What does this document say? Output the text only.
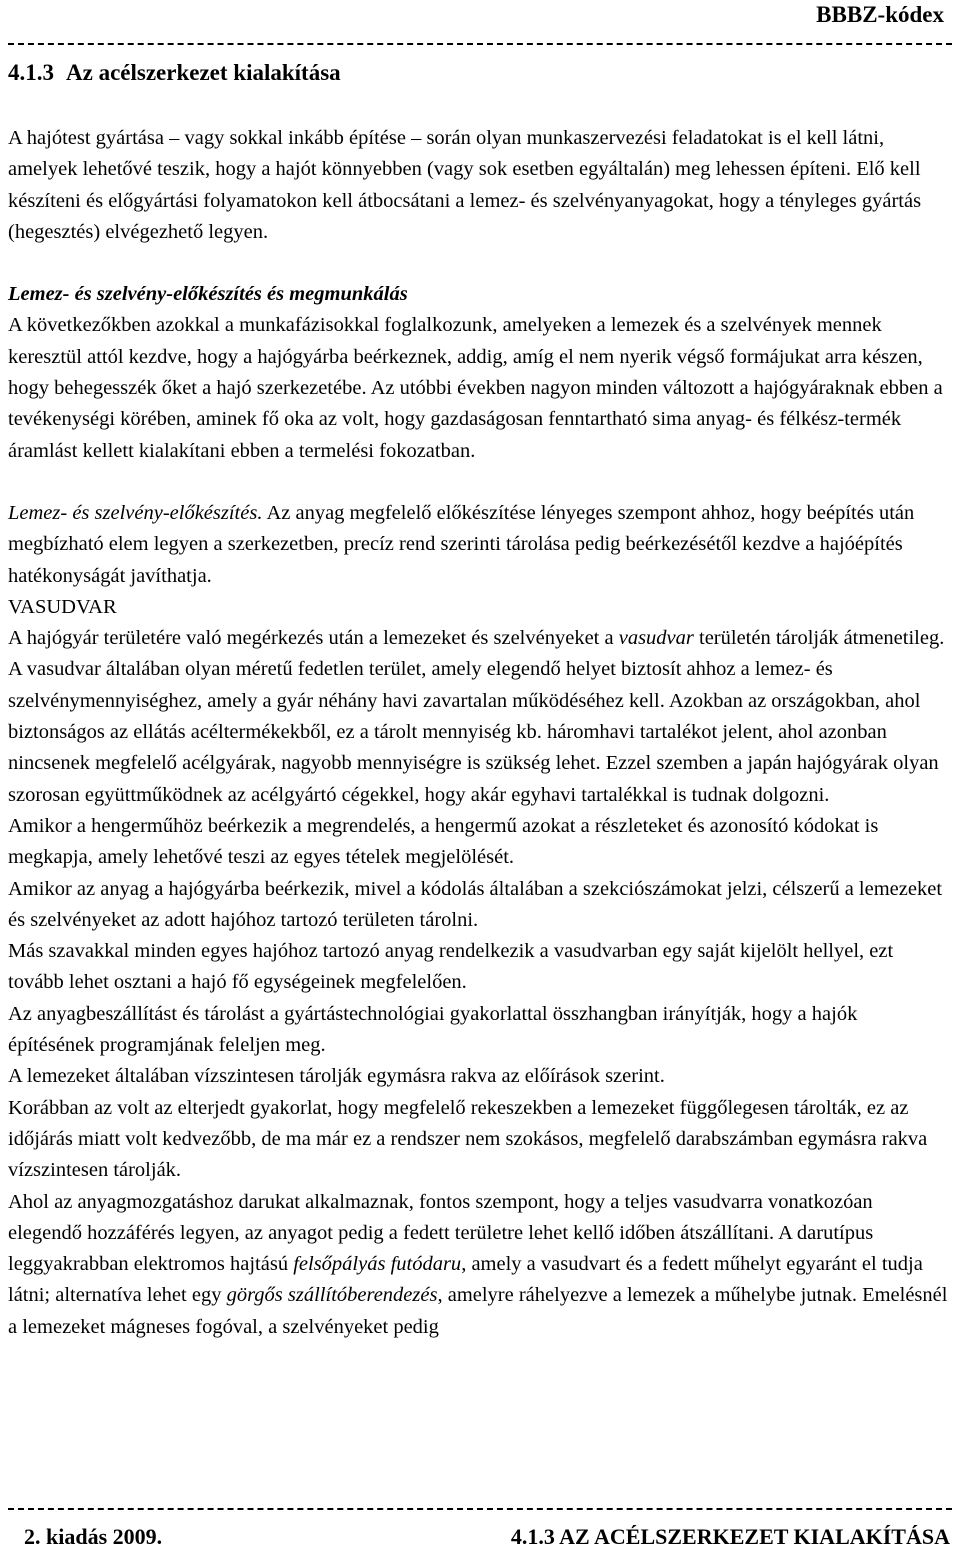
BBBZ-kódex
4.1.3 Az acélszerkezet kialakítása

A hajótest gyártása – vagy sokkal inkább építése – során olyan munkaszervezési feladatokat is el kell látni, amelyek lehetővé teszik, hogy a hajót könnyebben (vagy sok esetben egyáltalán) meg lehessen építeni. Elő kell készíteni és előgyártási folyamatokon kell átbocsátani a lemez- és szelvényanyagokat, hogy a tényleges gyártás (hegesztés) elvégezhető legyen.

Lemez- és szelvény-előkészítés és megmunkálás

A következőkben azokkal a munkafázisokkal foglalkozunk, amelyeken a lemezek és a szelvények mennek keresztül attól kezdve, hogy a hajógyárba beérkeznek, addig, amíg el nem nyerik végső formájukat arra készen, hogy behegesszék őket a hajó szerkezetébe. Az utóbbi években nagyon minden változott a hajógyáraknak ebben a tevékenységi körében, aminek fő oka az volt, hogy gazdaságosan fenntartható sima anyag- és félkész-termék áramlást kellett kialakítani ebben a termelési fokozatban.

Lemez- és szelvény-előkészítés. Az anyag megfelelő előkészítése lényeges szempont ahhoz, hogy beépítés után megbízható elem legyen a szerkezetben, precíz rend szerinti tárolása pedig beérkezésétől kezdve a hajóépítés hatékonyságát javíthatja.

VASUDVAR

A hajógyár területére való megérkezés után a lemezeket és szelvényeket a vasudvar területén tárolják átmenetileg. A vasudvar általában olyan méretű fedetlen terület, amely elegendő helyet biztosít ahhoz a lemez- és szelvénymennyiséghez, amely a gyár néhány havi zavartalan működéséhez kell. Azokban az országokban, ahol biztonságos az ellátás acéltermékekből, ez a tárolt mennyiség kb. háromhavi tartalékot jelent, ahol azonban nincsenek megfelelő acélgyárak, nagyobb mennyiségre is szükség lehet. Ezzel szemben a japán hajógyárak olyan szorosan együttműködnek az acélgyártó cégekkel, hogy akár egyhavi tartalékkal is tudnak dolgozni.

Amikor a hengerműhöz beérkezik a megrendelés, a hengermű azokat a részleteket és azonosító kódokat is megkapja, amely lehetővé teszi az egyes tételek megjelölését.

Amikor az anyag a hajógyárba beérkezik, mivel a kódolás általában a szekciószámokat jelzi, célszerű a lemezeket és szelvényeket az adott hajóhoz tartozó területen tárolni.

Más szavakkal minden egyes hajóhoz tartozó anyag rendelkezik a vasudvarban egy saját kijelölt hellyel, ezt tovább lehet osztani a hajó fő egységeinek megfelelően.

Az anyagbeszállítást és tárolást a gyártástechnológiai gyakorlattal összhangban irányítják, hogy a hajók építésének programjának feleljen meg.

A lemezeket általában vízszintesen tárolják egymásra rakva az előírások szerint.

Korábban az volt az elterjedt gyakorlat, hogy megfelelő rekeszekben a lemezeket függőlegesen tárolták, ez az időjárás miatt volt kedvezőbb, de ma már ez a rendszer nem szokásos, megfelelő darabszámban egymásra rakva vízszintesen tárolják.

Ahol az anyagmozgatáshoz darukat alkalmaznak, fontos szempont, hogy a teljes vasudvarra vonatkozóan elegendő hozzáférés legyen, az anyagot pedig a fedett területre lehet kellő időben átszállítani. A darutípus leggyakrabban elektromos hajtású felsőpályás futódaru, amely a vasudvart és a fedett műhelyt egyaránt el tudja látni; alternatíva lehet egy görgős szállítóberendezés, amelyre ráhelyezve a lemezek a műhelybe jutnak. Emelésnél a lemezeket mágneses fogóval, a szelvényeket pedig

2. kiadás 2009.	4.1.3 AZ ACÉLSZERKEZET KIALAKÍTÁSA
